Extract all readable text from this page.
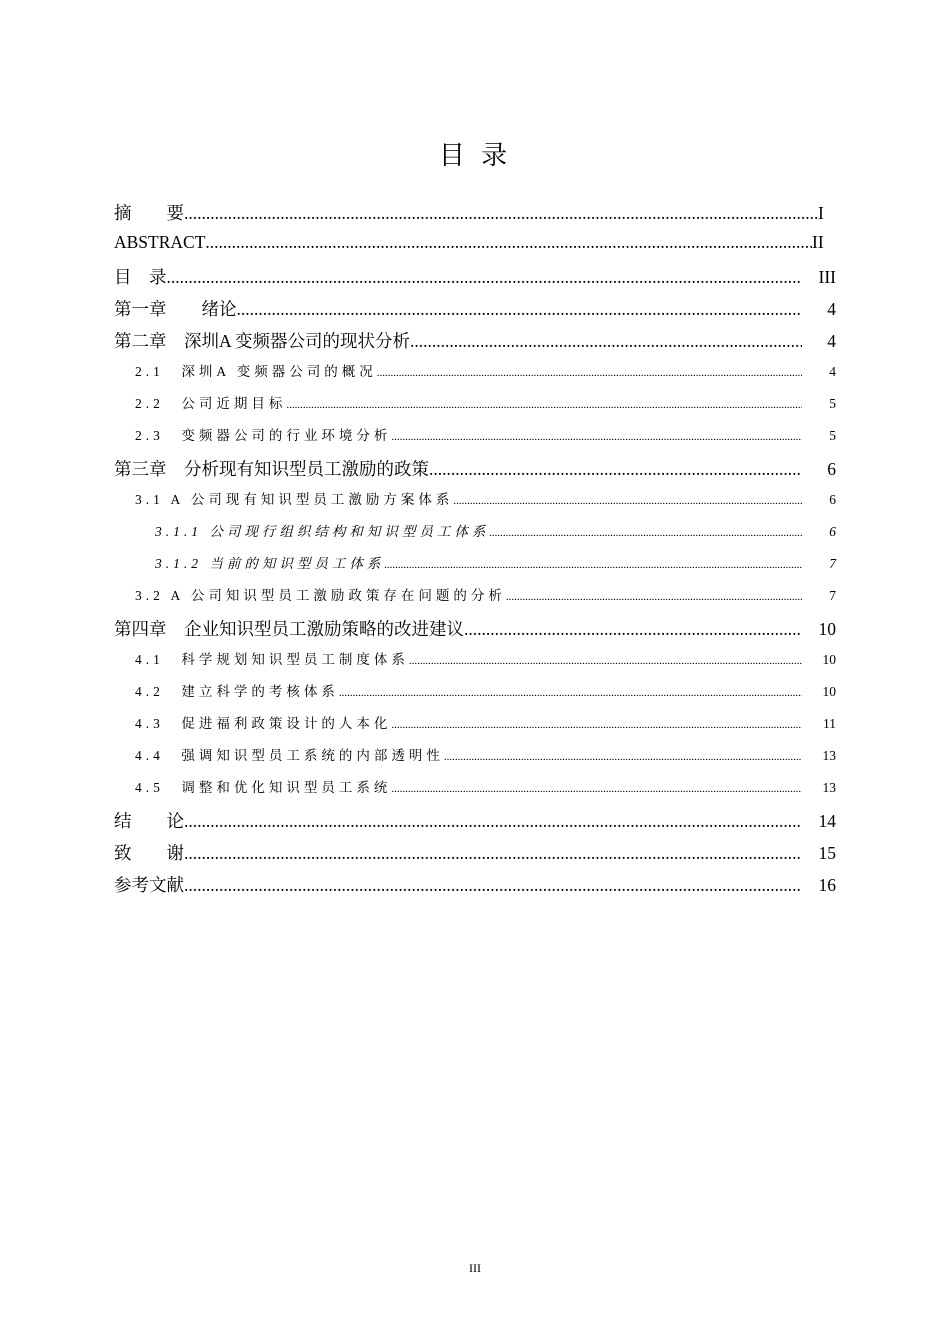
目 录
摘　　要 .....	I
ABSTRACT .....	II
目　录 .....	III
第一章　　绪论 .....	4
第二章　深圳A 变频器公司的现状分析 .....	4
2.1　深圳A 变频器公司的概况 .....	4
2.2　公司近期目标 .....	5
2.3　变频器公司的行业环境分析 .....	5
第三章　分析现有知识型员工激励的政策 .....	6
3.1 A 公司现有知识型员工激励方案体系 .....	6
3.1.1 公司现行组织结构和知识型员工体系 .....	6
3.1.2 当前的知识型员工体系 .....	7
3.2 A 公司知识型员工激励政策存在问题的分析 .....	7
第四章　企业知识型员工激励策略的改进建议 .....	10
4.1　科学规划知识型员工制度体系 .....	10
4.2　建立科学的考核体系 .....	10
4.3　促进福利政策设计的人本化 .....	11
4.4　强调知识型员工系统的内部透明性 .....	13
4.5　调整和优化知识型员工系统 .....	13
结　　论 .....	14
致　　谢 .....	15
参考文献 .....	16
III
